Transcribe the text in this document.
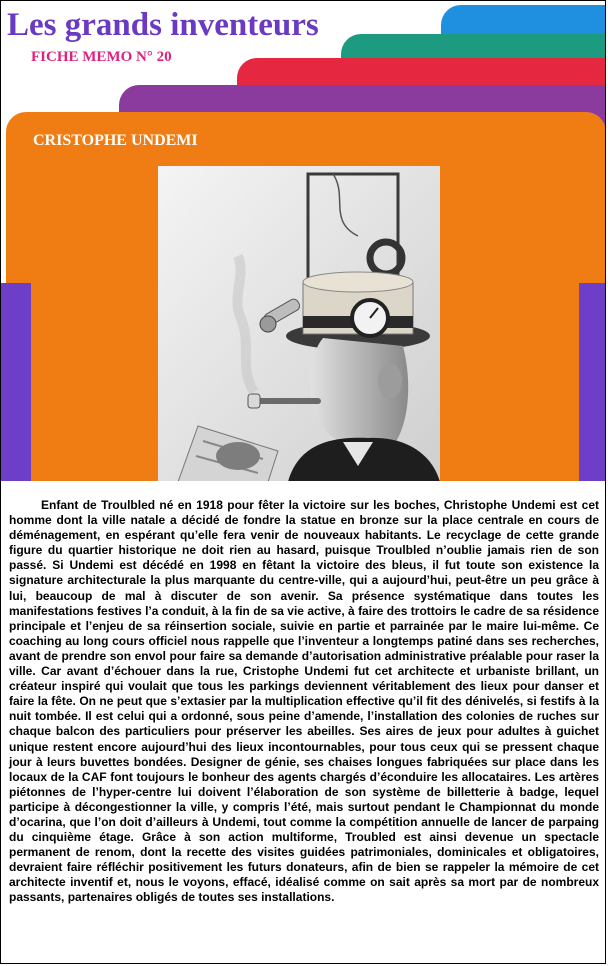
Les grands inventeurs
FICHE MEMO N° 20
CRISTOPHE UNDEMI

Enfant de Troulbled né en 1918 pour fêter la victoire sur les boches, Christophe Undemi est cet homme dont la ville natale a décidé de fondre la statue en bronze sur la place centrale en cours de déménagement, en espérant qu’elle fera venir de nouveaux habitants. Le recyclage de cette grande figure du quartier historique ne doit rien au hasard, puisque Troulbled n’oublie jamais rien de son passé. Si Undemi est décédé en 1998 en fêtant la victoire des bleus, il fut toute son existence la signature architecturale la plus marquante du centre-ville, qui a aujourd’hui, peut-être un peu grâce à lui, beaucoup de mal à discuter de son avenir. Sa présence systématique dans toutes les manifestations festives l’a conduit, à la fin de sa vie active, à faire des trottoirs le cadre de sa résidence principale et l’enjeu de sa réinsertion sociale, suivie en partie et parrainée par le maire lui-même. Ce coaching au long cours officiel nous rappelle que l’inventeur a longtemps patiné dans ses recherches, avant de prendre son envol pour faire sa demande d’autorisation administrative préalable pour raser la ville. Car avant d’échouer dans la rue, Cristophe Undemi fut cet architecte et urbaniste brillant, un créateur inspiré qui voulait que tous les parkings deviennent véritablement des lieux pour danser et faire la fête. On ne peut que s’extasier par la multiplication effective qu’il fit des dénivelés, si festifs à la nuit tombée. Il est celui qui a ordonné, sous peine d’amende, l’installation des colonies de ruches sur chaque balcon des particuliers pour préserver les abeilles. Ses aires de jeux pour adultes à guichet unique restent encore aujourd’hui des lieux incontournables, pour tous ceux qui se pressent chaque jour à leurs buvettes bondées. Designer de génie, ses chaises longues fabriquées sur place dans les locaux de la CAF font toujours le bonheur des agents chargés d’éconduire les allocataires. Les artères piétonnes de l’hyper-centre lui doivent l’élaboration de son système de billetterie à badge, lequel participe à décongestionner la ville, y compris l’été, mais surtout pendant le Championnat du monde d’ocarina, que l’on doit d’ailleurs à Undemi, tout comme la compétition annuelle de lancer de parpaing du cinquième étage. Grâce à son action multiforme, Troubled est ainsi devenue un spectacle permanent de renom, dont la recette des visites guidées patrimoniales, dominicales et obligatoires, devraient faire réfléchir positivement les futurs donateurs, afin de bien se rappeler la mémoire de cet architecte inventif et, nous le voyons, effacé, idéalisé comme on sait après sa mort par de nombreux passants, partenaires obligés de toutes ses installations.
